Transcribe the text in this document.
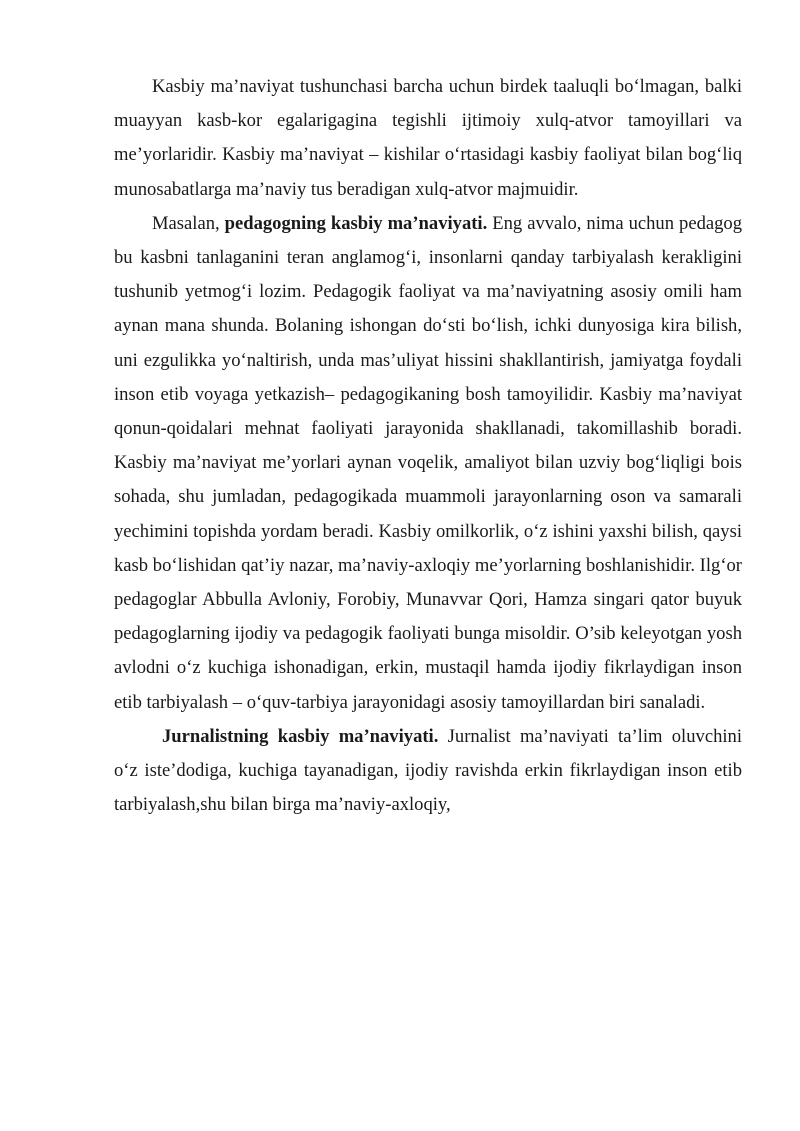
Kasbiy ma’naviyat tushunchasi barcha uchun birdek taaluqli bo‘lmagan, balki muayyan kasb-kor egalarigagina tegishli ijtimoiy xulq-atvor tamoyillari va me’yorlaridir. Kasbiy ma’naviyat – kishilar o‘rtasidagi kasbiy faoliyat bilan bog‘liq munosabatlarga ma’naviy tus beradigan xulq-atvor majmuidir.

Masalan, pedagogning kasbiy ma’naviyati. Eng avvalo, nima uchun pedagog bu kasbni tanlaganini teran anglamog‘i, insonlarni qanday tarbiyalash kerakligini tushunib yetmog‘i lozim. Pedagogik faoliyat va ma’naviyatning asosiy omili ham aynan mana shunda. Bolaning ishongan do‘sti bo‘lish, ichki dunyosiga kira bilish, uni ezgulikka yo‘naltirish, unda mas’uliyat hissini shakllantirish, jamiyatga foydali inson etib voyaga yetkazish– pedagogikaning bosh tamoyilidir. Kasbiy ma’naviyat qonun-qoidalari mehnat faoliyati jarayonida shakllanadi, takomillashib boradi. Kasbiy ma’naviyat me’yorlari aynan voqelik, amaliyot bilan uzviy bog‘liqligi bois sohada, shu jumladan, pedagogikada muammoli jarayonlarning oson va samarali yechimini topishda yordam beradi. Kasbiy omilkorlik, o‘z ishini yaxshi bilish, qaysi kasb bo‘lishidan qat’iy nazar, ma’naviy-axloqiy me’yorlarning boshlanishidir. Ilg‘or pedagoglar Abbulla Avloniy, Forobiy, Munavvar Qori, Hamza singari qator buyuk pedagoglarning ijodiy va pedagogik faoliyati bunga misoldir. O’sib keleyotgan yosh avlodni o‘z kuchiga ishonadigan, erkin, mustaqil hamda ijodiy fikrlaydigan inson etib tarbiyalash – o‘quv-tarbiya jarayonidagi asosiy tamoyillardan biri sanaladi.

Jurnalistning kasbiy ma’naviyati. Jurnalist ma’naviyati ta’lim oluvchini o‘z iste’dodiga, kuchiga tayanadigan, ijodiy ravishda erkin fikrlaydigan inson etib tarbiyalash,shu bilan birga ma’naviy-axloqiy,
